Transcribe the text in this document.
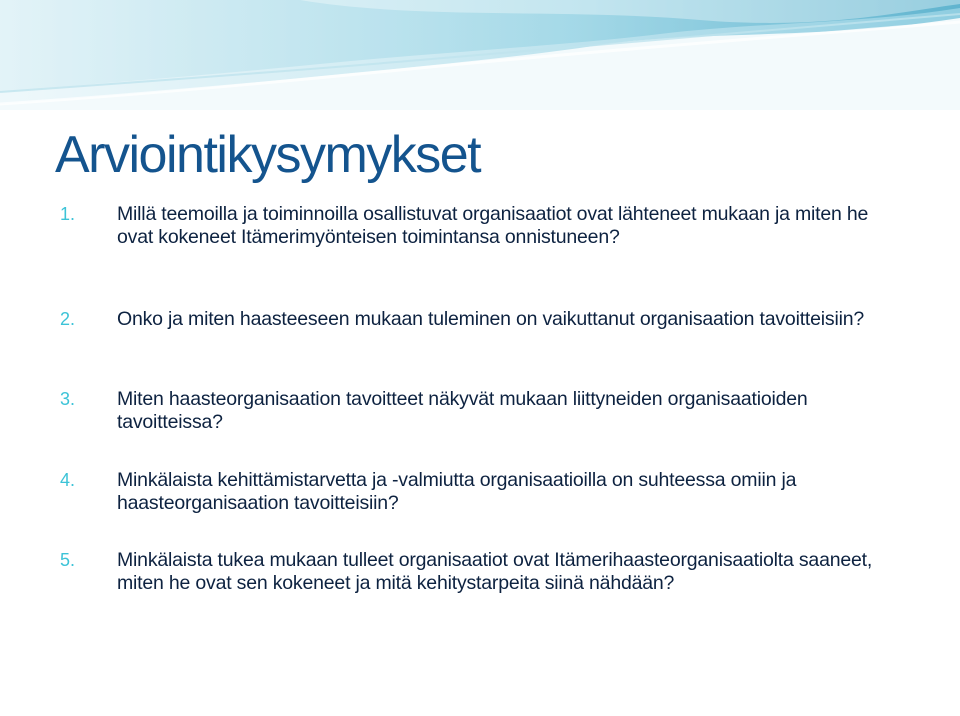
Arviointikysymykset
1.	Millä teemoilla ja toiminnoilla osallistuvat organisaatiot ovat lähteneet mukaan ja miten he ovat kokeneet Itämerimyönteisen toimintansa onnistuneen?
2.	Onko ja miten haasteeseen mukaan tuleminen on vaikuttanut organisaation tavoitteisiin?
3.	Miten haasteorganisaation tavoitteet näkyvät mukaan liittyneiden organisaatioiden tavoitteissa?
4.	Minkälaista kehittämistarvetta ja -valmiutta organisaatioilla on suhteessa omiin ja haasteorganisaation tavoitteisiin?
5.	Minkälaista tukea mukaan tulleet organisaatiot ovat Itämerihaasteorganisaatiolta saaneet, miten he ovat sen kokeneet ja mitä kehitystarpeita siinä nähdään?
